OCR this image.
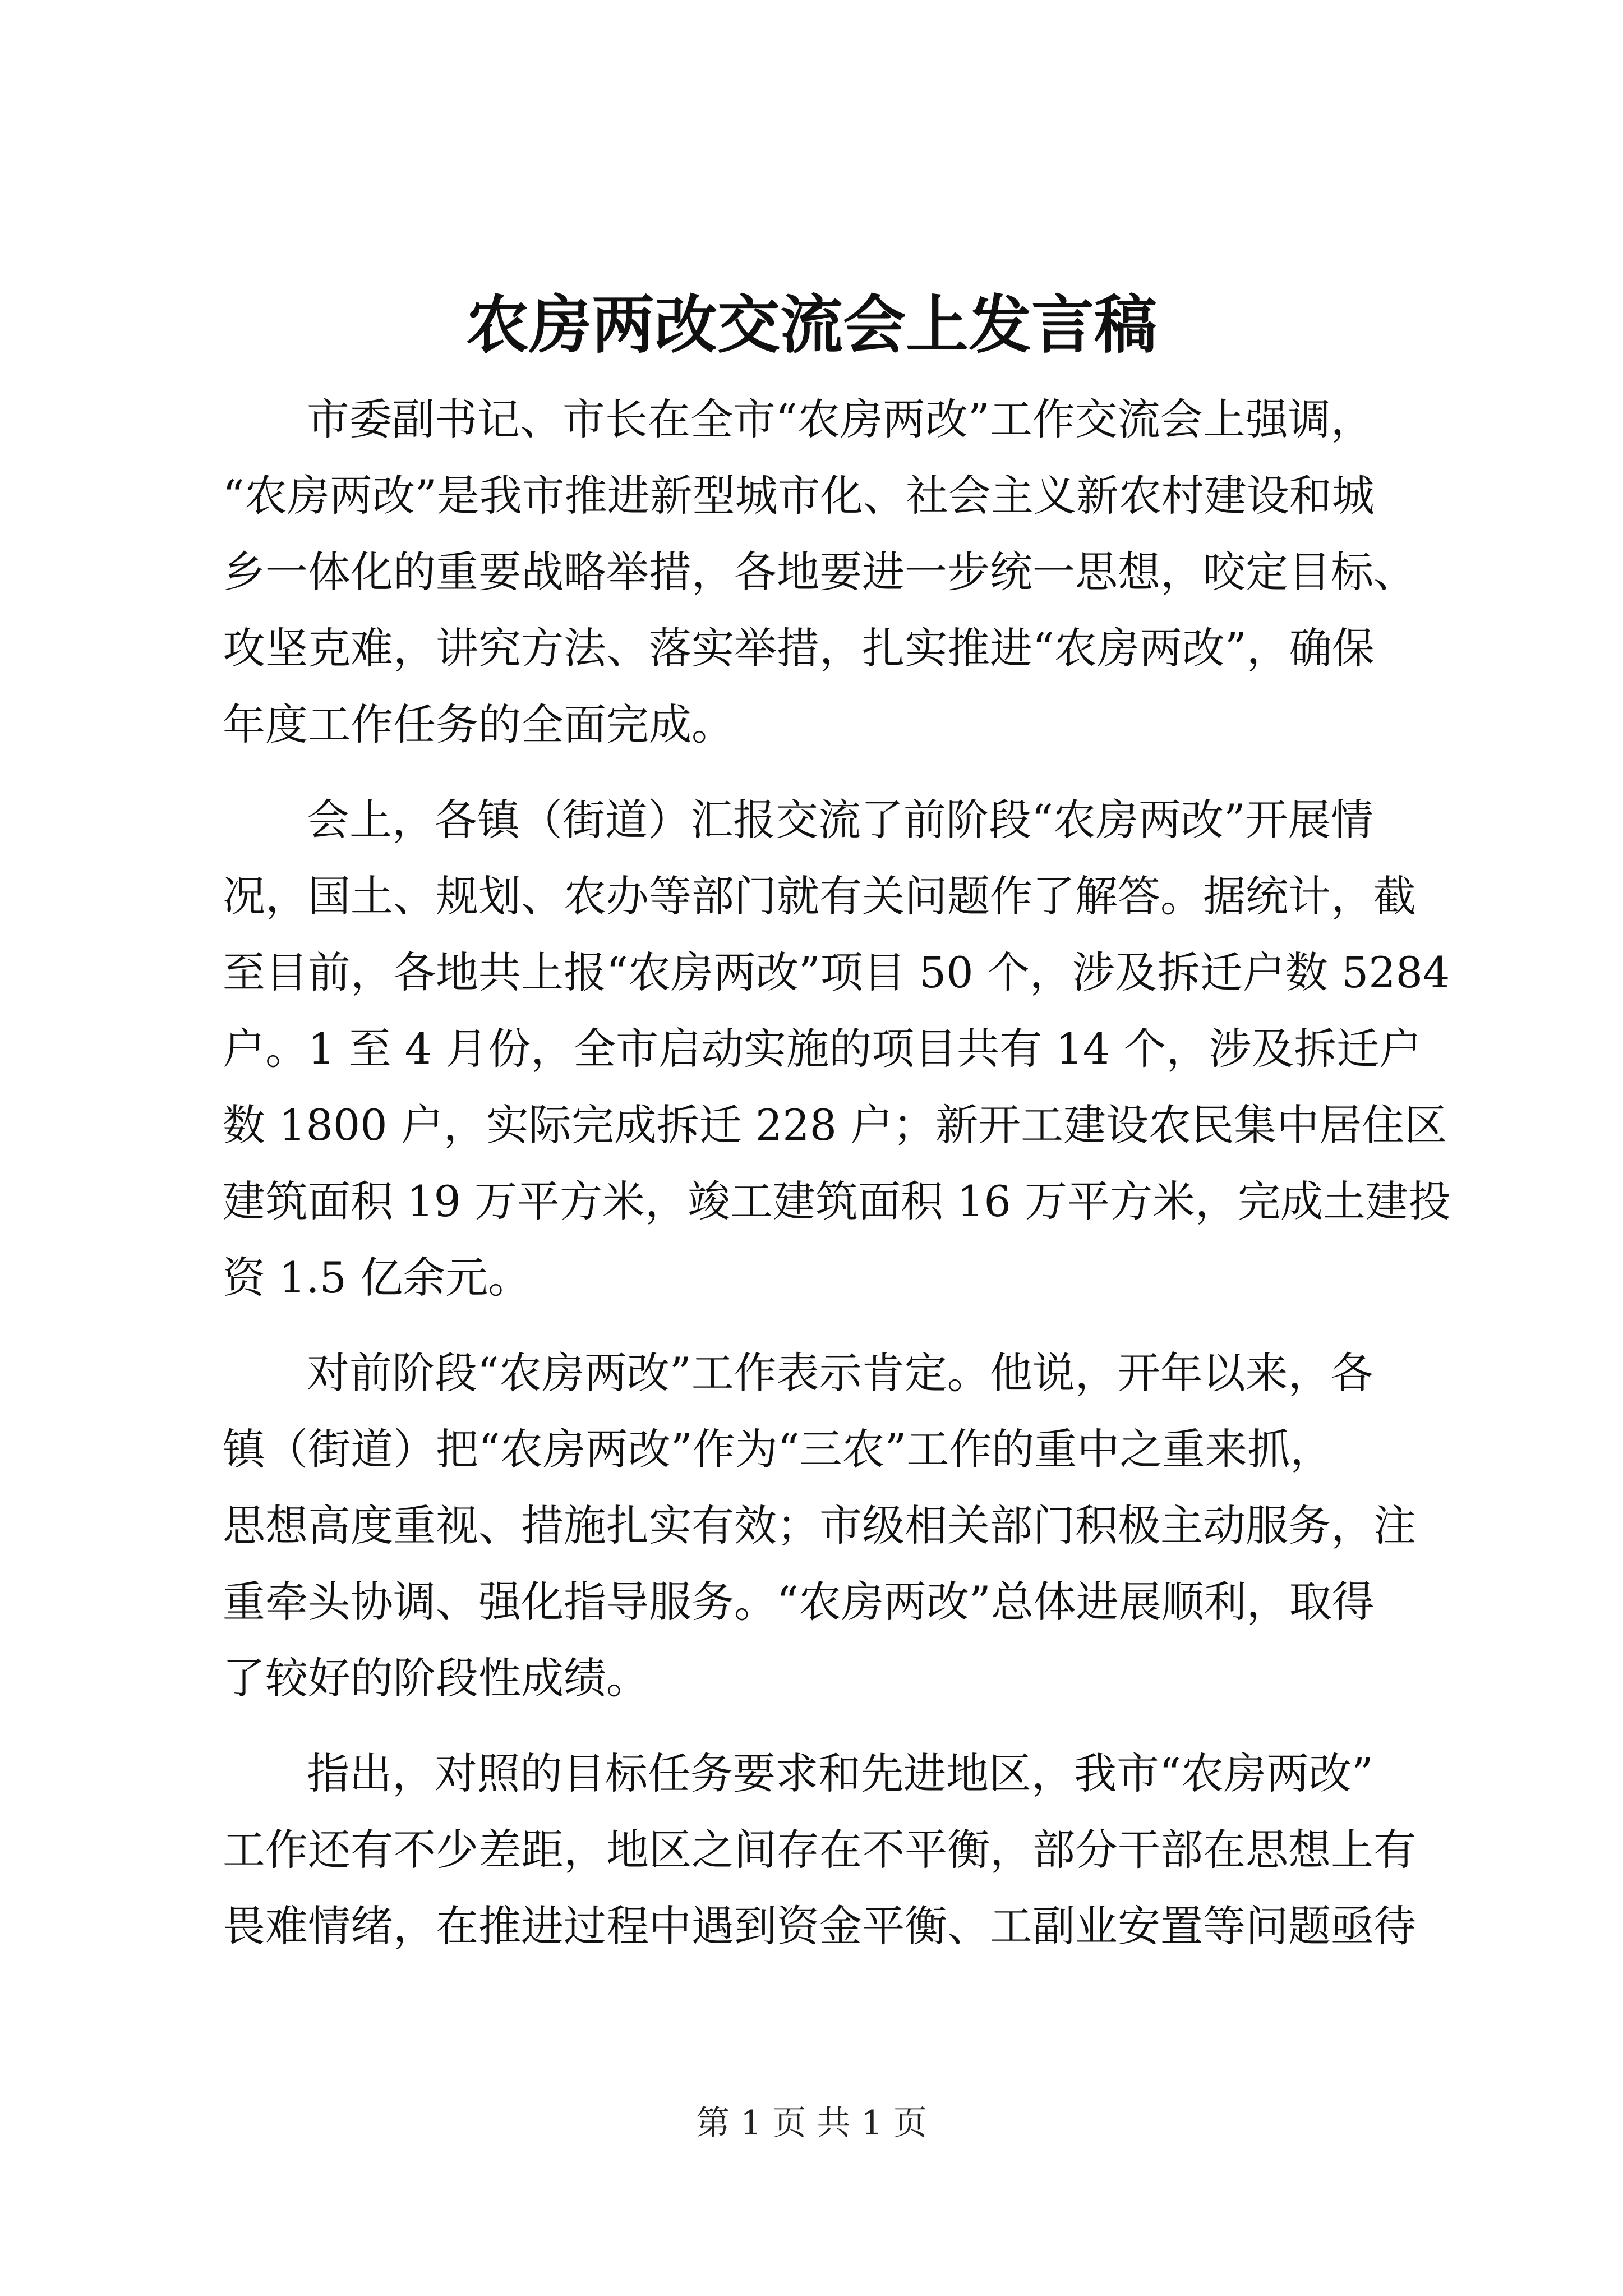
农房两改交流会上发言稿
市委副书记、市长在全市“农房两改”工作交流会上强调，
“农房两改”是我市推进新型城市化、社会主义新农村建设和城
乡一体化的重要战略举措，各地要进一步统一思想，咬定目标、
攻坚克难，讲究方法、落实举措，扎实推进“农房两改”，确保
年度工作任务的全面完成。
会上，各镇（街道）汇报交流了前阶段“农房两改”开展情
况，国土、规划、农办等部门就有关问题作了解答。据统计，截
至目前，各地共上报“农房两改”项目 50 个，涉及拆迁户数 5284
户。1 至 4 月份，全市启动实施的项目共有 14 个，涉及拆迁户
数 1800 户，实际完成拆迁 228 户；新开工建设农民集中居住区
建筑面积 19 万平方米，竣工建筑面积 16 万平方米，完成土建投
资 1.5 亿余元。
对前阶段“农房两改”工作表示肯定。他说，开年以来，各
镇（街道）把“农房两改”作为“三农”工作的重中之重来抓，
思想高度重视、措施扎实有效；市级相关部门积极主动服务，注
重牵头协调、强化指导服务。“农房两改”总体进展顺利，取得
了较好的阶段性成绩。
指出，对照的目标任务要求和先进地区，我市“农房两改”
工作还有不少差距，地区之间存在不平衡，部分干部在思想上有
畏难情绪，在推进过程中遇到资金平衡、工副业安置等问题亟待
第 1 页 共 1 页
